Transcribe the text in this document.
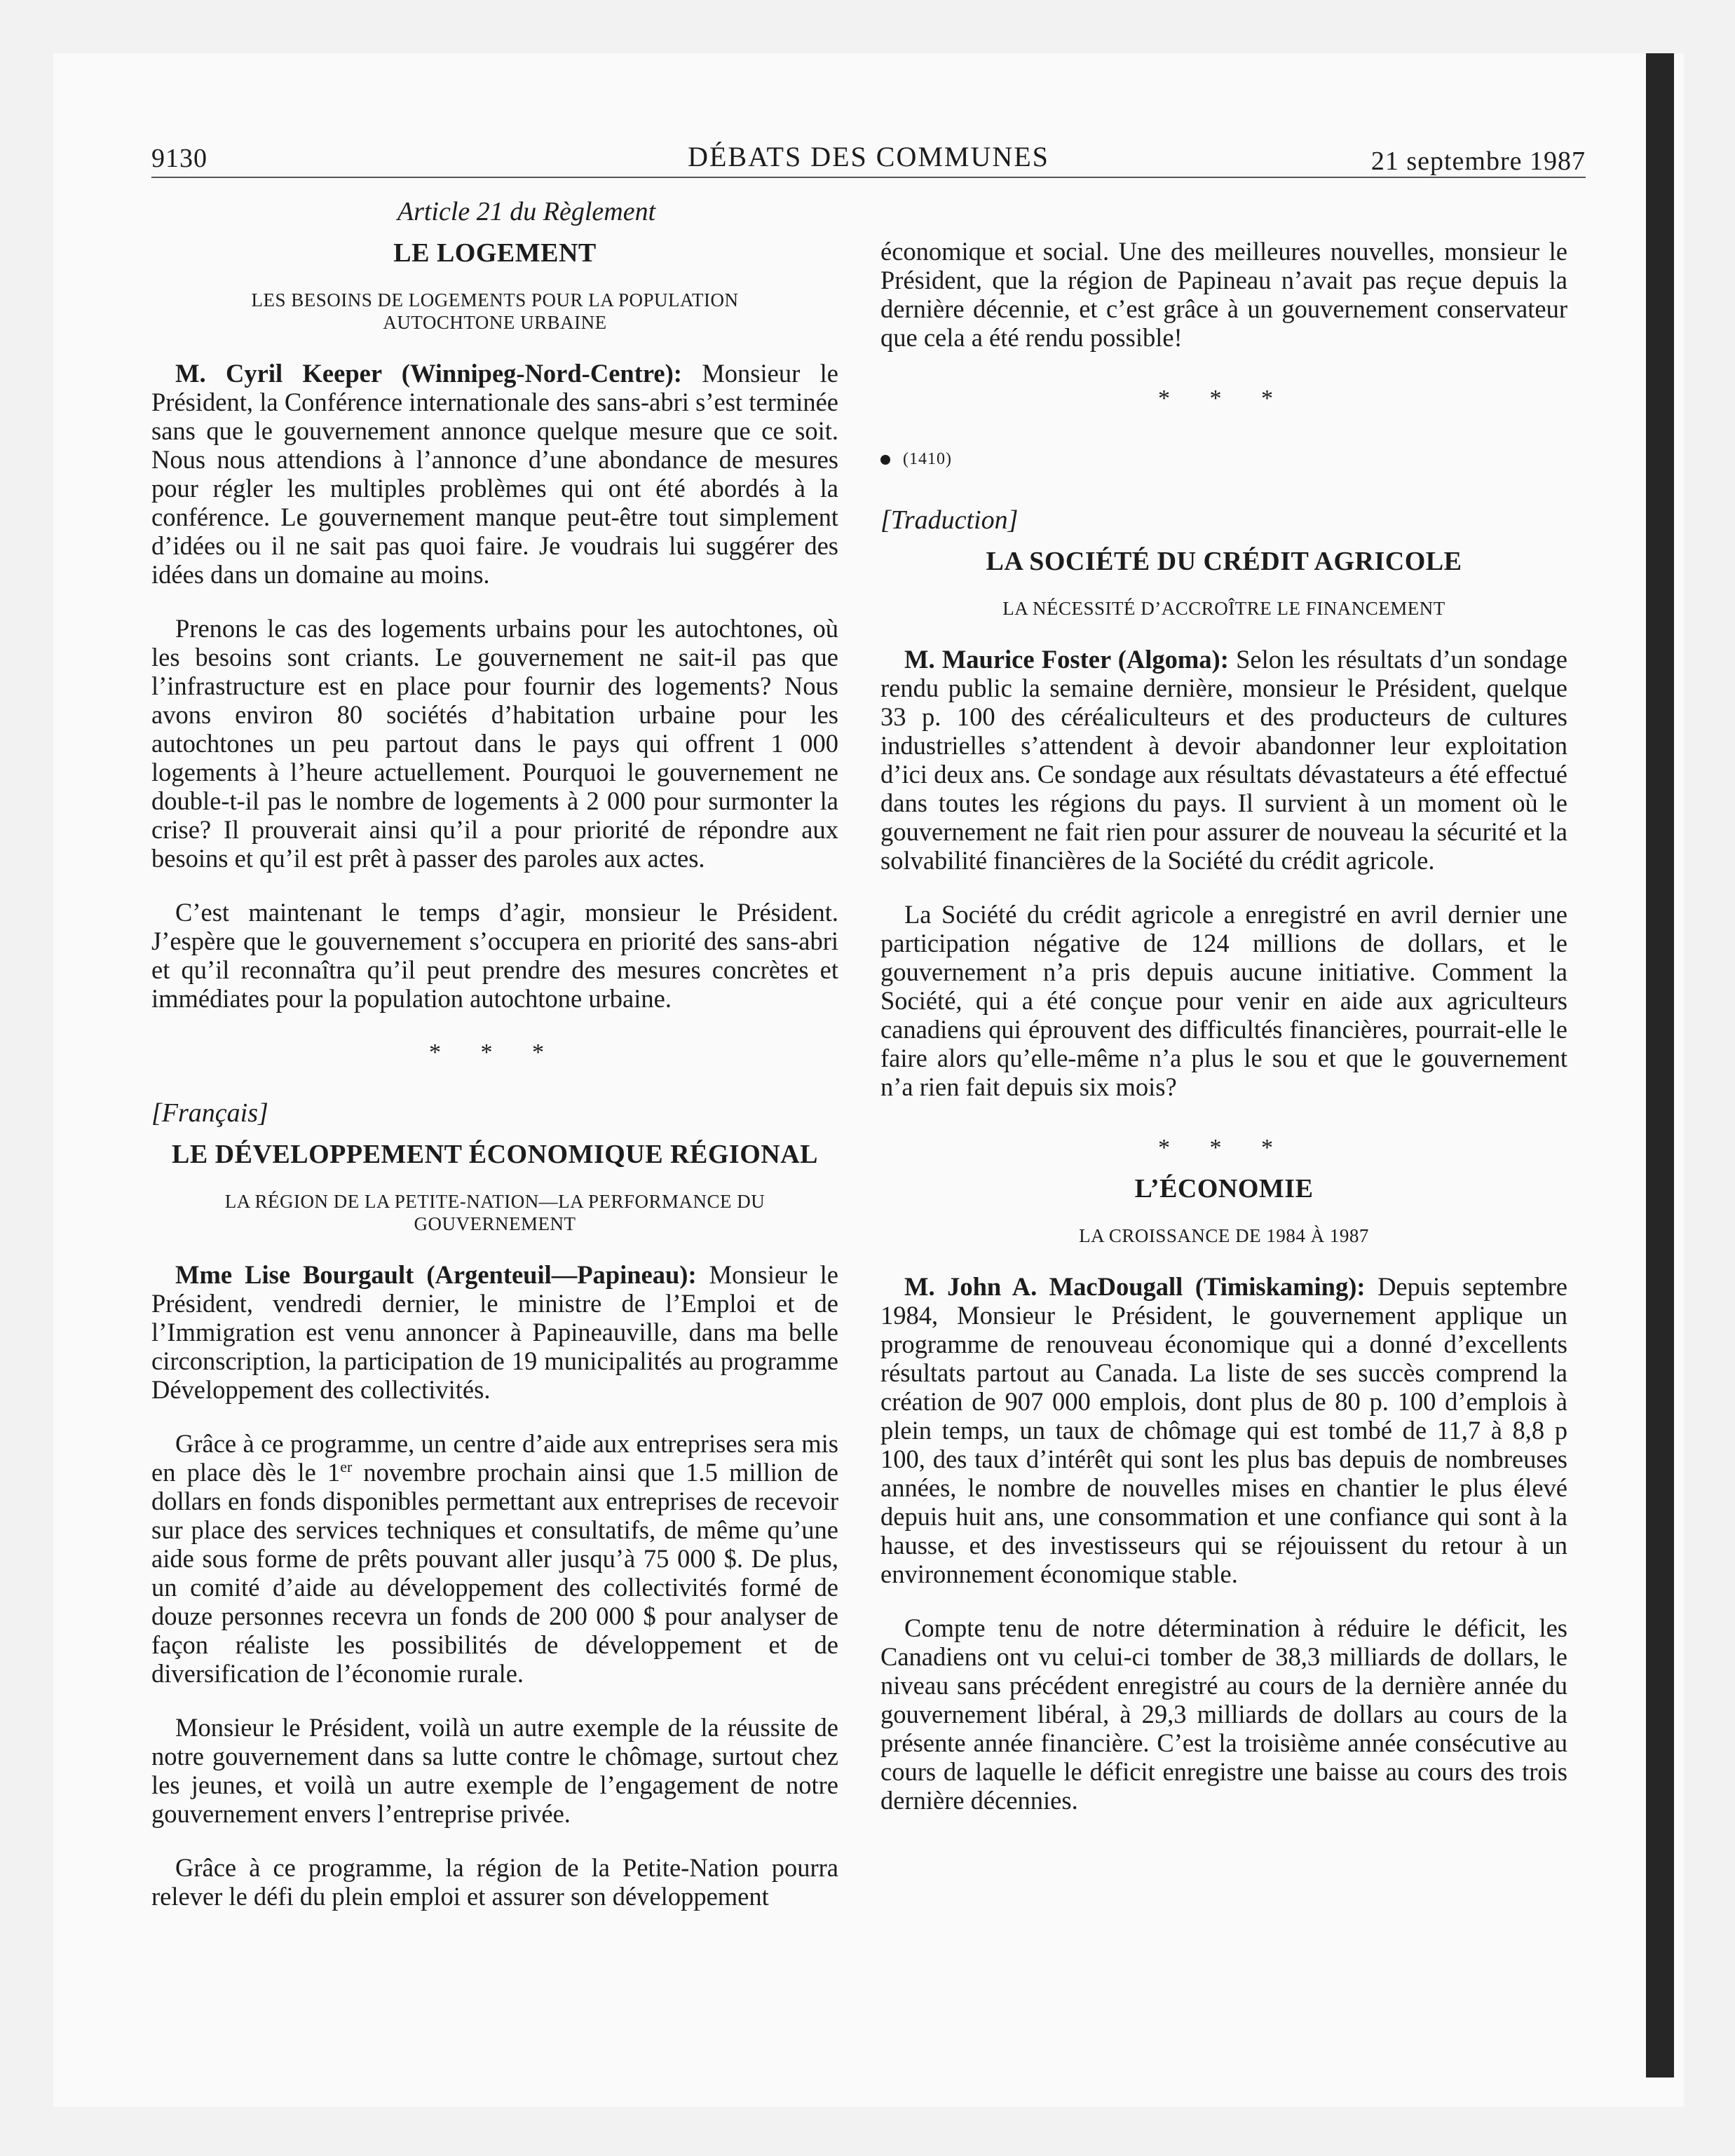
9130	DÉBATS DES COMMUNES	21 septembre 1987
Article 21 du Règlement
LE LOGEMENT
LES BESOINS DE LOGEMENTS POUR LA POPULATION
AUTOCHTONE URBAINE

M. Cyril Keeper (Winnipeg-Nord-Centre): Monsieur le Président, la Conférence internationale des sans-abri s’est terminée sans que le gouvernement annonce quelque mesure que ce soit. Nous nous attendions à l’annonce d’une abondance de mesures pour régler les multiples problèmes qui ont été abordés à la conférence. Le gouvernement manque peut-être tout simplement d’idées ou il ne sait pas quoi faire. Je voudrais lui suggérer des idées dans un domaine au moins.

Prenons le cas des logements urbains pour les autochtones, où les besoins sont criants. Le gouvernement ne sait-il pas que l’infrastructure est en place pour fournir des logements? Nous avons environ 80 sociétés d’habitation urbaine pour les autochtones un peu partout dans le pays qui offrent 1 000 logements à l’heure actuellement. Pourquoi le gouvernement ne double-t-il pas le nombre de logements à 2 000 pour surmonter la crise? Il prouverait ainsi qu’il a pour priorité de répondre aux besoins et qu’il est prêt à passer des paroles aux actes.

C’est maintenant le temps d’agir, monsieur le Président. J’espère que le gouvernement s’occupera en priorité des sans-abri et qu’il reconnaîtra qu’il peut prendre des mesures concrètes et immédiates pour la population autochtone urbaine.

* * *
[Français]
LE DÉVELOPPEMENT ÉCONOMIQUE RÉGIONAL
LA RÉGION DE LA PETITE-NATION—LA PERFORMANCE DU
GOUVERNEMENT

Mme Lise Bourgault (Argenteuil—Papineau): Monsieur le Président, vendredi dernier, le ministre de l’Emploi et de l’Immigration est venu annoncer à Papineauville, dans ma belle circonscription, la participation de 19 municipalités au programme Développement des collectivités.

Grâce à ce programme, un centre d’aide aux entreprises sera mis en place dès le 1er novembre prochain ainsi que 1.5 million de dollars en fonds disponibles permettant aux entreprises de recevoir sur place des services techniques et consultatifs, de même qu’une aide sous forme de prêts pouvant aller jusqu’à 75 000 $. De plus, un comité d’aide au développement des collectivités formé de douze personnes recevra un fonds de 200 000 $ pour analyser de façon réaliste les possibilités de développement et de diversification de l’économie rurale.

Monsieur le Président, voilà un autre exemple de la réussite de notre gouvernement dans sa lutte contre le chômage, surtout chez les jeunes, et voilà un autre exemple de l’engagement de notre gouvernement envers l’entreprise privée.

Grâce à ce programme, la région de la Petite-Nation pourra relever le défi du plein emploi et assurer son développement

économique et social. Une des meilleures nouvelles, monsieur le Président, que la région de Papineau n’avait pas reçue depuis la dernière décennie, et c’est grâce à un gouvernement conservateur que cela a été rendu possible!

* * *
(1410)
[Traduction]
LA SOCIÉTÉ DU CRÉDIT AGRICOLE
LA NÉCESSITÉ D’ACCROÎTRE LE FINANCEMENT

M. Maurice Foster (Algoma): Selon les résultats d’un sondage rendu public la semaine dernière, monsieur le Président, quelque 33 p. 100 des céréaliculteurs et des producteurs de cultures industrielles s’attendent à devoir abandonner leur exploitation d’ici deux ans. Ce sondage aux résultats dévastateurs a été effectué dans toutes les régions du pays. Il survient à un moment où le gouvernement ne fait rien pour assurer de nouveau la sécurité et la solvabilité financières de la Société du crédit agricole.

La Société du crédit agricole a enregistré en avril dernier une participation négative de 124 millions de dollars, et le gouvernement n’a pris depuis aucune initiative. Comment la Société, qui a été conçue pour venir en aide aux agriculteurs canadiens qui éprouvent des difficultés financières, pourrait-elle le faire alors qu’elle-même n’a plus le sou et que le gouvernement n’a rien fait depuis six mois?

* * *
L’ÉCONOMIE
LA CROISSANCE DE 1984 À 1987

M. John A. MacDougall (Timiskaming): Depuis septembre 1984, Monsieur le Président, le gouvernement applique un programme de renouveau économique qui a donné d’excellents résultats partout au Canada. La liste de ses succès comprend la création de 907 000 emplois, dont plus de 80 p. 100 d’emplois à plein temps, un taux de chômage qui est tombé de 11,7 à 8,8 p 100, des taux d’intérêt qui sont les plus bas depuis de nombreuses années, le nombre de nouvelles mises en chantier le plus élevé depuis huit ans, une consommation et une confiance qui sont à la hausse, et des investisseurs qui se réjouissent du retour à un environnement économique stable.

Compte tenu de notre détermination à réduire le déficit, les Canadiens ont vu celui-ci tomber de 38,3 milliards de dollars, le niveau sans précédent enregistré au cours de la dernière année du gouvernement libéral, à 29,3 milliards de dollars au cours de la présente année financière. C’est la troisième année consécutive au cours de laquelle le déficit enregistre une baisse au cours des trois dernière décennies.
